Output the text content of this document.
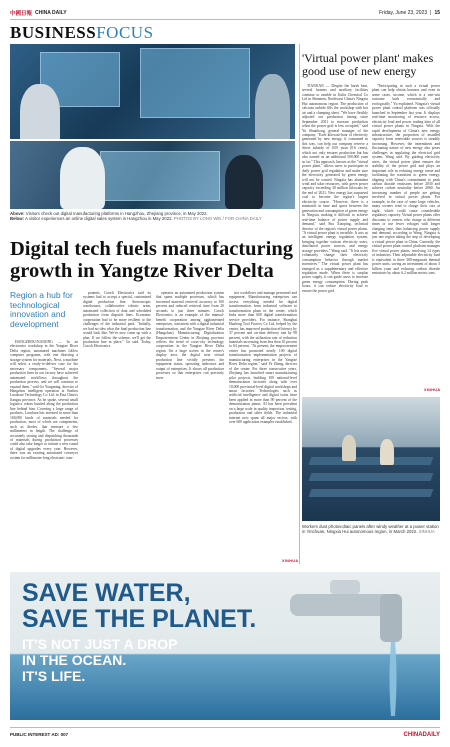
中國日報 CHINA DAILY	Friday, June 23, 2023 | 15
BUSINESSFOCUS
Above: Visitors check out digital manufacturing platforms in Hangzhou, Zhejiang province, in May 2022.
Below: A visitor experiences an online digital sales system in Hangzhou in May 2022. PHOTOS BY LONG WEI / FOR CHINA DAILY
Digital tech fuels manufacturing growth in Yangtze River Delta
Region a hub for technological innovation and development

HANGZHOU/NANJING — In an electronics workshop in the Yangtze River Delta region, automated machines follow computer programs, with one directing a storage system for materials. Next, a machine will select a ready-to-deliver case for the necessary components. "Several major production lines in our factory have achieved automated workflows throughout the production process, and we will continue to expand them," said Ge Yongming, director of Hangzhou intelligent operation at Suzhou Luxshare Technology Co Ltd. in East China's Jiangsu province. As he spoke, several small logistics robots bustled along the production line behind him. Covering a large range of products, Luxshare has invested in more than 160,000 kinds of materials needed for production, most of which are components, such as diodes, that measure a few millimeters in length. The challenge of accurately storing and dispatching thousands of materials during production processes could also take longer to initiate a new round of digital upgrades every year. However, there was an existing automated conveyor system for millimeter-long electronic com-

ponents, Gooch Electronics said its systems had to accept a special, customized digital production line. Stereoscopic warehouses, collaborative robotic arms, automated collection of data and scheduled production from dispatch lines. Economic cooperation had to be more resilient to the challenges of the industrial park. "Initially, we had no idea what the final production line would look like. We've now come up with a plan. If we follow the scheme, we'll get the production line in place," Ge said. Today, Gooch Electronics

operates an automated production system that spans multiple processes, which has increased material retrieval accuracy to 100 percent and reduced retrieval time from 20 seconds to just three minutes. Gooch Electronics is an example of the manual-benefit cooperation among agglomerated enterprises, consistent with a digital industrial transformation, and the Yangtze River Delta (Hangzhou) Manufacturing Digitalization Empowerment Center in Zhejiang province reflects the trend of cross-city technology cooperation in the Yangtze River Delta region. On a large screen in the center's display area, the digital twin virtual production line vividly presents the equipment status, operating indicators and output of enterprises. It shows all production processes so that enterprises can precisely mon-

itor workflows and manage personnel and equipment. Manufacturing enterprises can access everything needed for digital transformation, from industrial software to transformation plans in the center, which links more than 600 digital transformation service providers. For instance, Shanghai Huafeng Tool Factory Co Ltd, helped by the center, has improved production efficiency by 37 percent and on-time delivery rate by 98 percent, with the utilization rate of reduction materials increasing from less than 10 percent to 64 percent. "At present, the empowerment center has promoted nearly 100 digital transformation implementation projects of manufacturing enterprises in the Yangtze River Delta region," said Ye Zheng, director of the center. For three consecutive years, Zhejiang has launched smart manufacturing pilot projects, building 100 national-level demonstration factories along with over 10,000 provincial-level digital workshops and smart factories. Technologies such as artificial intelligence and digital twins have been applied in more than 90 percent of the demonstration plants. AI has been prevalent on a large scale in quality inspection, testing, production and other fields. The industrial internet now spans all major sectors, with over 600 application examples established.

XINHUA
'Virtual power plant' makes good use of new energy

TIANJIAN — Despite the harsh heat, several farmers and auxiliary facilities continue to rumble in Jiulin Chemical Co Ltd in Shenmen, Northwest China's Ningxia Hui autonomous region. The production of calcium carbide fills the workshop with hot air and a clamping sheet. "We have flexibly adjusted our production timing since September 2021 to increase production when the power grid is less occupied," said Yu Shuaihong, general manager of the company. "Each kilowatt-hour of electricity generated by new energy, if consumed in this way, can help our company reserve a direct subsidy of 0.05 yuan (0.6 cents), which not only ensures production but has also earned us an additional 500,000 yuan so far." This approach, known as the "virtual power plant," allows users to participate in daily power grid regulation and make sure the electricity generated by green energy will not be wasted. Ningxia has abundant wind and solar resources, with green power capacity exceeding 30 million kilowatts by the end of 2021. New energy has surpassed coal to become the region's largest electricity source. "However, there is a mismatch in time and space between the generation and consumption of green energy in Ningxia, making it difficult to achieve real-time balance of power supply and demand," said Sha Xiaoping, technical director of the region's virtual power plants. "A virtual power plant is invisible. It acts as an intelligent energy regulation system, bringing together various electricity users, distributed power sources, and energy storage providers," Wang said. "It lets users voluntarily change their electricity consumption behavior through market incentives." The virtual power plant has emerged as a supplementary and effective regulation mode. When there is surplus power supply, it can guide users to increase green energy consumption. During peak hours, it can reduce electricity load to ensure the power grid.

"Participating in such a virtual power plant can help obtain bonuses and even in some cases, income, which is a win-win outcome both economically and ecologically," Yu explained. Ningxia's virtual power plant control platform was officially launched in September last year. It displays real-time monitoring of resource access, electricity load and power trading data of all virtual power plants in Ningxia. With the rapid development of China's new energy infrastructure, the proportion of installed capacity from renewable sources is steadily increasing. However, the intermittent and fluctuating nature of new energy also poses challenges in regulating the electrical grid system, Wang said. By guiding electricity users, the virtual power plant ensures the stability of the power grid and plays an important role in reducing energy waste and facilitating the transition to green energy, aligning with China's commitment to peak carbon dioxide emissions before 2030 and achieve carbon neutrality before 2060. An increasing number of people are getting involved in virtual power plants. For example, in the case of some large vehicles, many owners tend to charge their cars at night, which could cause considerable regulatory capacity. Virtual power plants offer discounts to owners who charge at different times or use fewer voltages with longer charging time, thus balancing power supply and demand, according to Wang. Ningxia is just one region taking the step of developing a virtual power plant in China. Currently, the virtual power plant control platform manages five virtual power plants, involving 14 types of industries. Their adjustable electricity load is equivalent to three 300-megawatt thermal power units, saving an investment of about 3 billion yuan and reducing carbon dioxide emissions by about 6.2 million metric tons.

XINHUA
Workers dust photovoltaic panels after windy weather at a power station in Yinchuan, Ningxia Hui autonomous region, in March 2022. XINHUA
SAVE WATER,
SAVE THE PLANET.
IT'S NOT JUST A DROP
IN THE OCEAN.
IT'S LIFE.
PUBLIC INTEREST AD: 007	CHINADAILY
